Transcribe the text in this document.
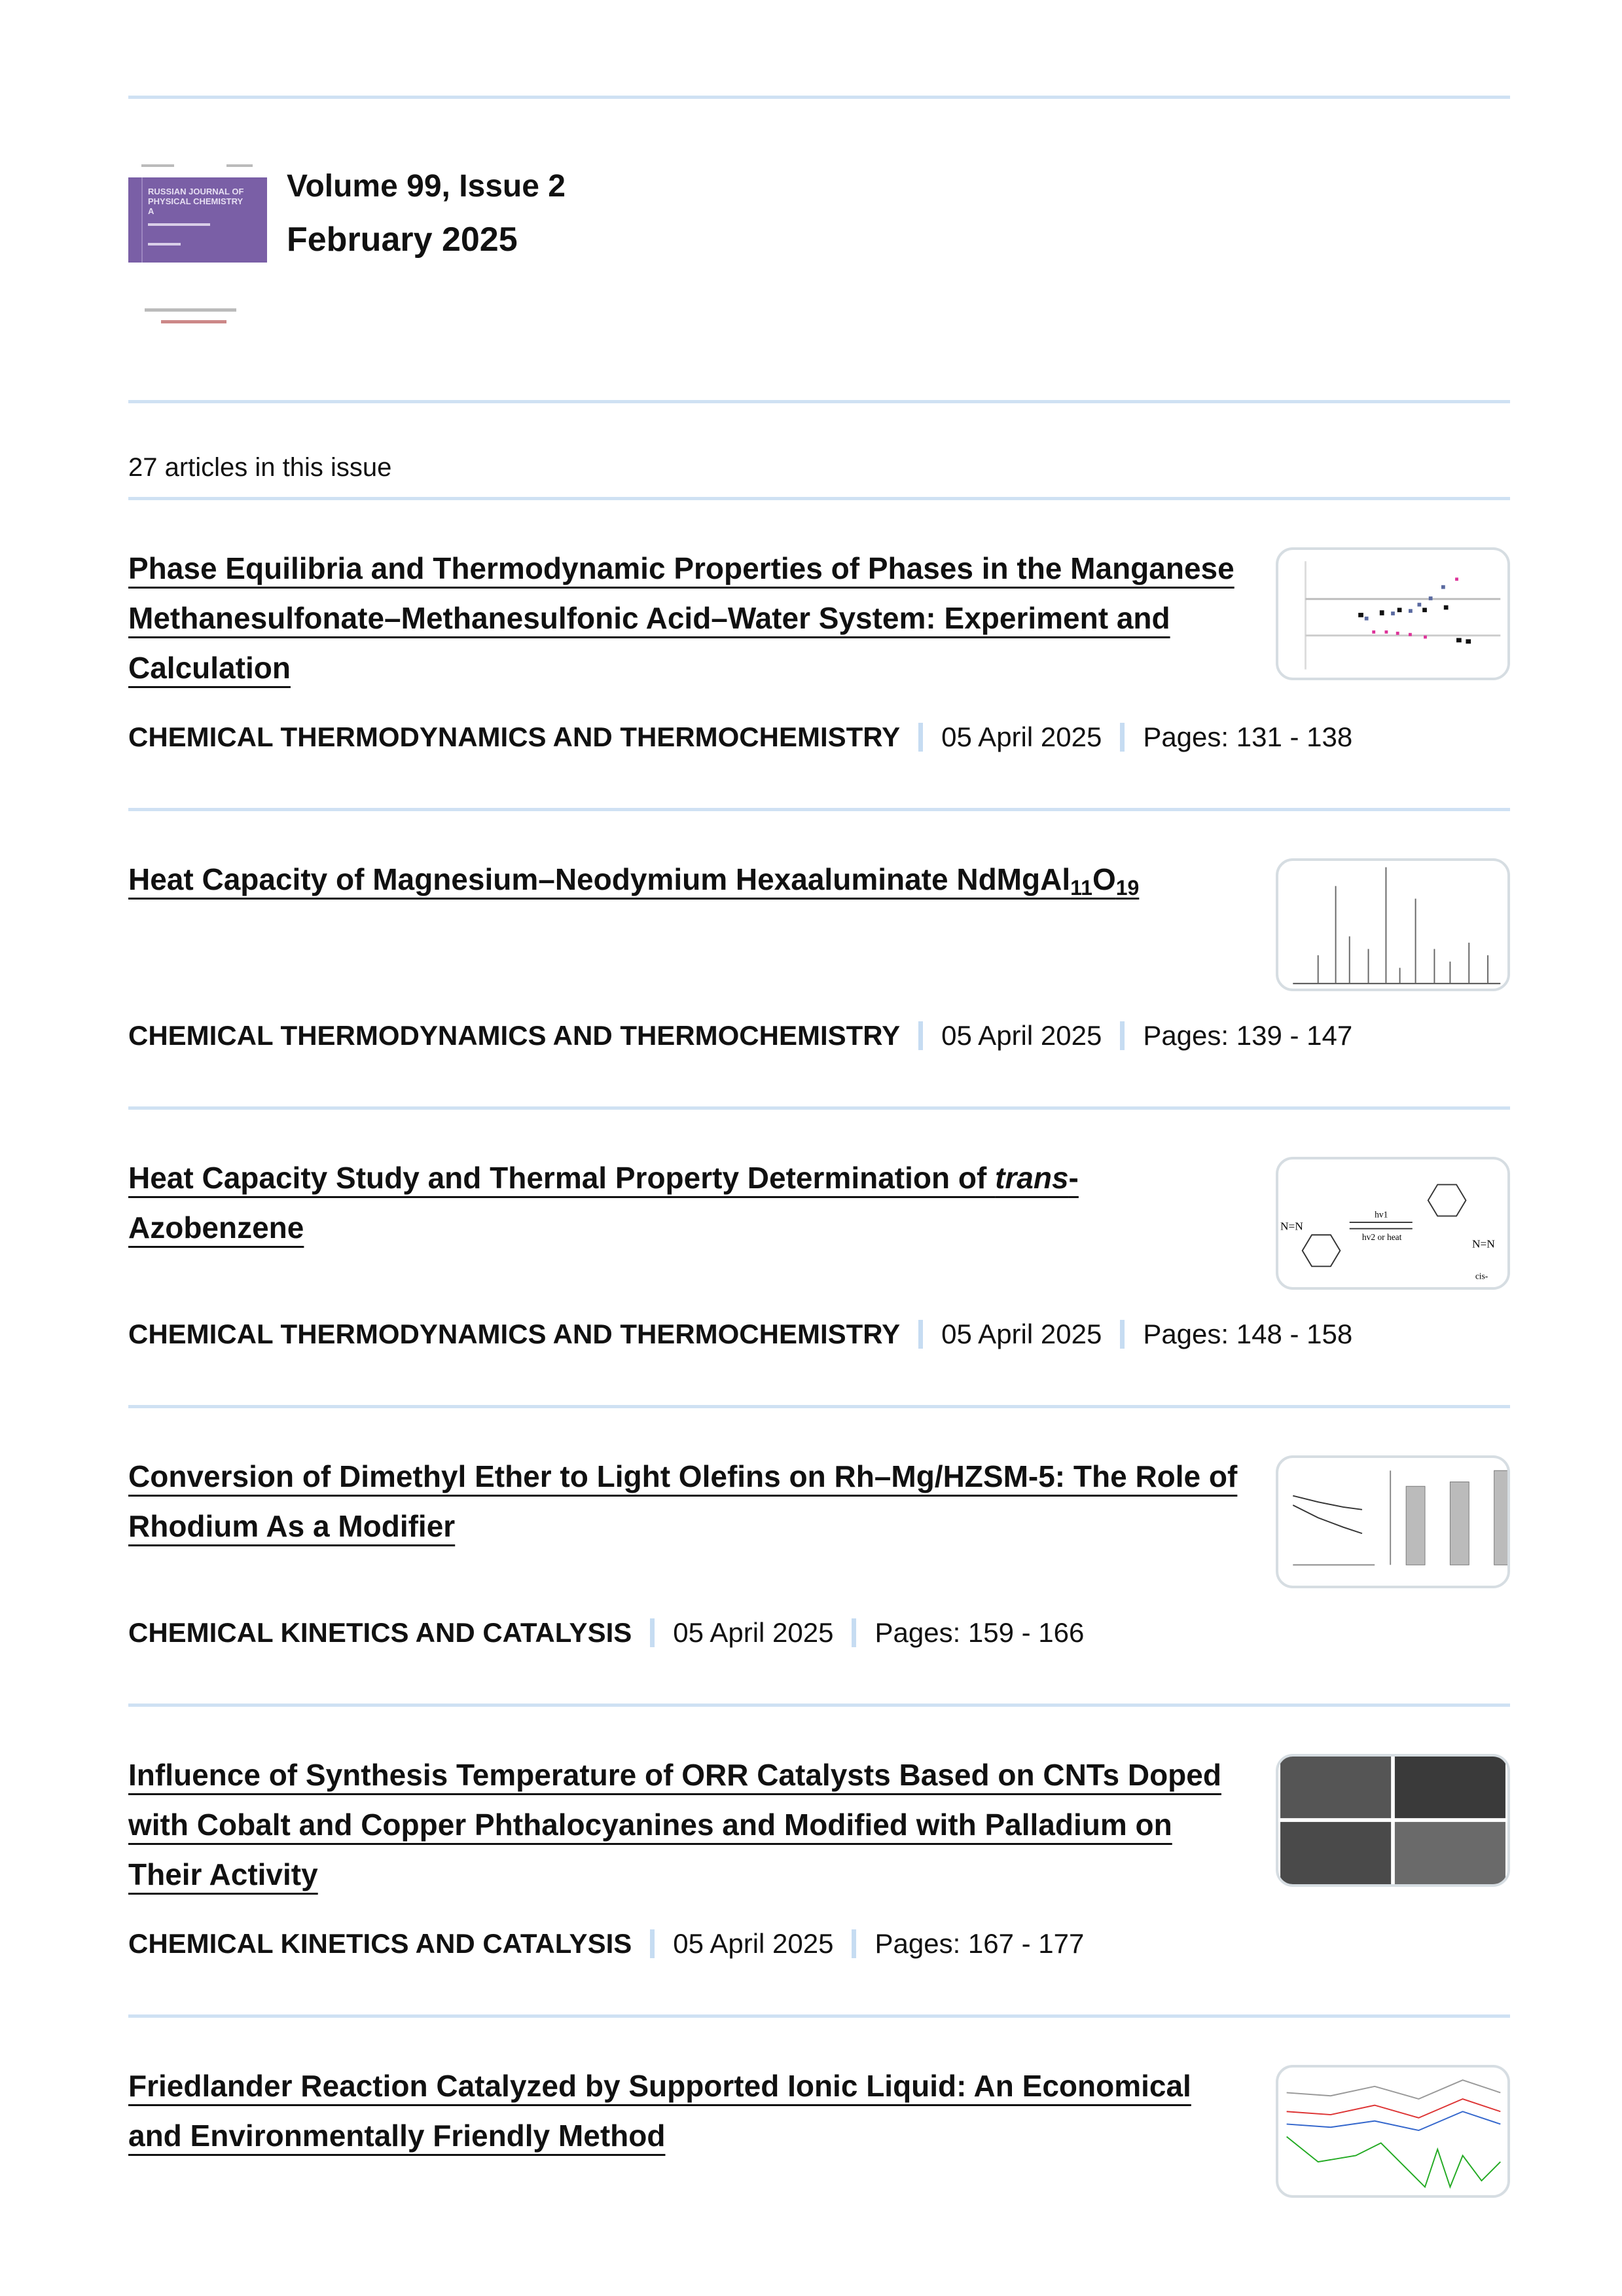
RUSSIAN JOURNAL OF PHYSICAL CHEMISTRY A
Volume 99, Issue 2
February 2025
27 articles in this issue
Phase Equilibria and Thermodynamic Properties of Phases in the Manganese Methanesulfonate–Methanesulfonic Acid–Water System: Experiment and Calculation
CHEMICAL THERMODYNAMICS AND THERMOCHEMISTRY 05 April 2025 Pages: 131 - 138
Heat Capacity of Magnesium–Neodymium Hexaaluminate $NdMgAl_{11}O_{19}$
CHEMICAL THERMODYNAMICS AND THERMOCHEMISTRY 05 April 2025 Pages: 139 - 147
Heat Capacity Study and Thermal Property Determination of trans-Azobenzene	N=N
hv1
hv2 or heat
N=N
cis-
CHEMICAL THERMODYNAMICS AND THERMOCHEMISTRY 05 April 2025 Pages: 148 - 158
Conversion of Dimethyl Ether to Light Olefins on Rh–Mg/HZSM-5: The Role of Rhodium As a Modifier
CHEMICAL KINETICS AND CATALYSIS 05 April 2025 Pages: 159 - 166
Influence of Synthesis Temperature of ORR Catalysts Based on CNTs Doped with Cobalt and Copper Phthalocyanines and Modified with Palladium on Their Activity
CHEMICAL KINETICS AND CATALYSIS 05 April 2025 Pages: 167 - 177
Friedlander Reaction Catalyzed by Supported Ionic Liquid: An Economical and Environmentally Friendly Method
